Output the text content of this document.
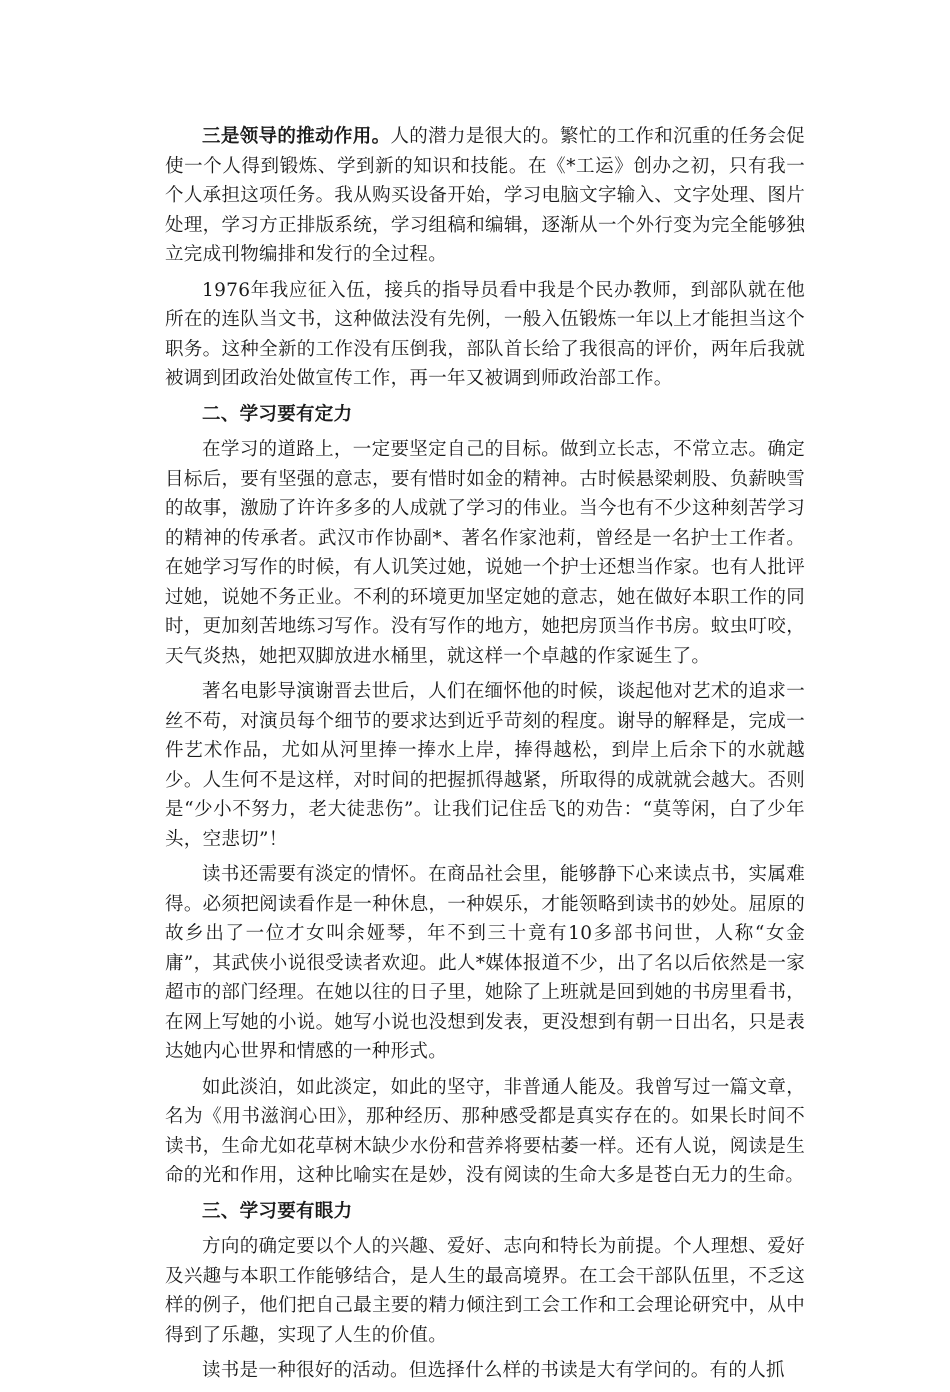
三是领导的推动作用。人的潜力是很大的。繁忙的工作和沉重的任务会促使一个人得到锻炼、学到新的知识和技能。在《*工运》创办之初，只有我一个人承担这项任务。我从购买设备开始，学习电脑文字输入、文字处理、图片处理，学习方正排版系统，学习组稿和编辑，逐渐从一个外行变为完全能够独立完成刊物编排和发行的全过程。

1976年我应征入伍，接兵的指导员看中我是个民办教师，到部队就在他所在的连队当文书，这种做法没有先例，一般入伍锻炼一年以上才能担当这个职务。这种全新的工作没有压倒我，部队首长给了我很高的评价，两年后我就被调到团政治处做宣传工作，再一年又被调到师政治部工作。

二、学习要有定力

在学习的道路上，一定要坚定自己的目标。做到立长志，不常立志。确定目标后，要有坚强的意志，要有惜时如金的精神。古时候悬梁刺股、负薪映雪的故事，激励了许许多多的人成就了学习的伟业。当今也有不少这种刻苦学习的精神的传承者。武汉市作协副*、著名作家池莉，曾经是一名护士工作者。在她学习写作的时候，有人讥笑过她，说她一个护士还想当作家。也有人批评过她，说她不务正业。不利的环境更加坚定她的意志，她在做好本职工作的同时，更加刻苦地练习写作。没有写作的地方，她把房顶当作书房。蚊虫叮咬，天气炎热，她把双脚放进水桶里，就这样一个卓越的作家诞生了。

著名电影导演谢晋去世后，人们在缅怀他的时候，谈起他对艺术的追求一丝不苟，对演员每个细节的要求达到近乎苛刻的程度。谢导的解释是，完成一件艺术作品，尤如从河里捧一捧水上岸，捧得越松，到岸上后余下的水就越少。人生何不是这样，对时间的把握抓得越紧，所取得的成就就会越大。否则是“少小不努力，老大徒悲伤”。让我们记住岳飞的劝告：“莫等闲，白了少年头，空悲切”！

读书还需要有淡定的情怀。在商品社会里，能够静下心来读点书，实属难得。必须把阅读看作是一种休息，一种娱乐，才能领略到读书的妙处。屈原的故乡出了一位才女叫余娅琴，年不到三十竟有10多部书问世，人称“女金庸”，其武侠小说很受读者欢迎。此人*媒体报道不少，出了名以后依然是一家超市的部门经理。在她以往的日子里，她除了上班就是回到她的书房里看书，在网上写她的小说。她写小说也没想到发表，更没想到有朝一日出名，只是表达她内心世界和情感的一种形式。

如此淡泊，如此淡定，如此的坚守，非普通人能及。我曾写过一篇文章，名为《用书滋润心田》，那种经历、那种感受都是真实存在的。如果长时间不读书，生命尤如花草树木缺少水份和营养将要枯萎一样。还有人说，阅读是生命的光和作用，这种比喻实在是妙，没有阅读的生命大多是苍白无力的生命。

三、学习要有眼力

方向的确定要以个人的兴趣、爱好、志向和特长为前提。个人理想、爱好及兴趣与本职工作能够结合，是人生的最高境界。在工会干部队伍里，不乏这样的例子，他们把自己最主要的精力倾注到工会工作和工会理论研究中，从中得到了乐趣，实现了人生的价值。

读书是一种很好的活动。但选择什么样的书读是大有学问的。有的人抓
